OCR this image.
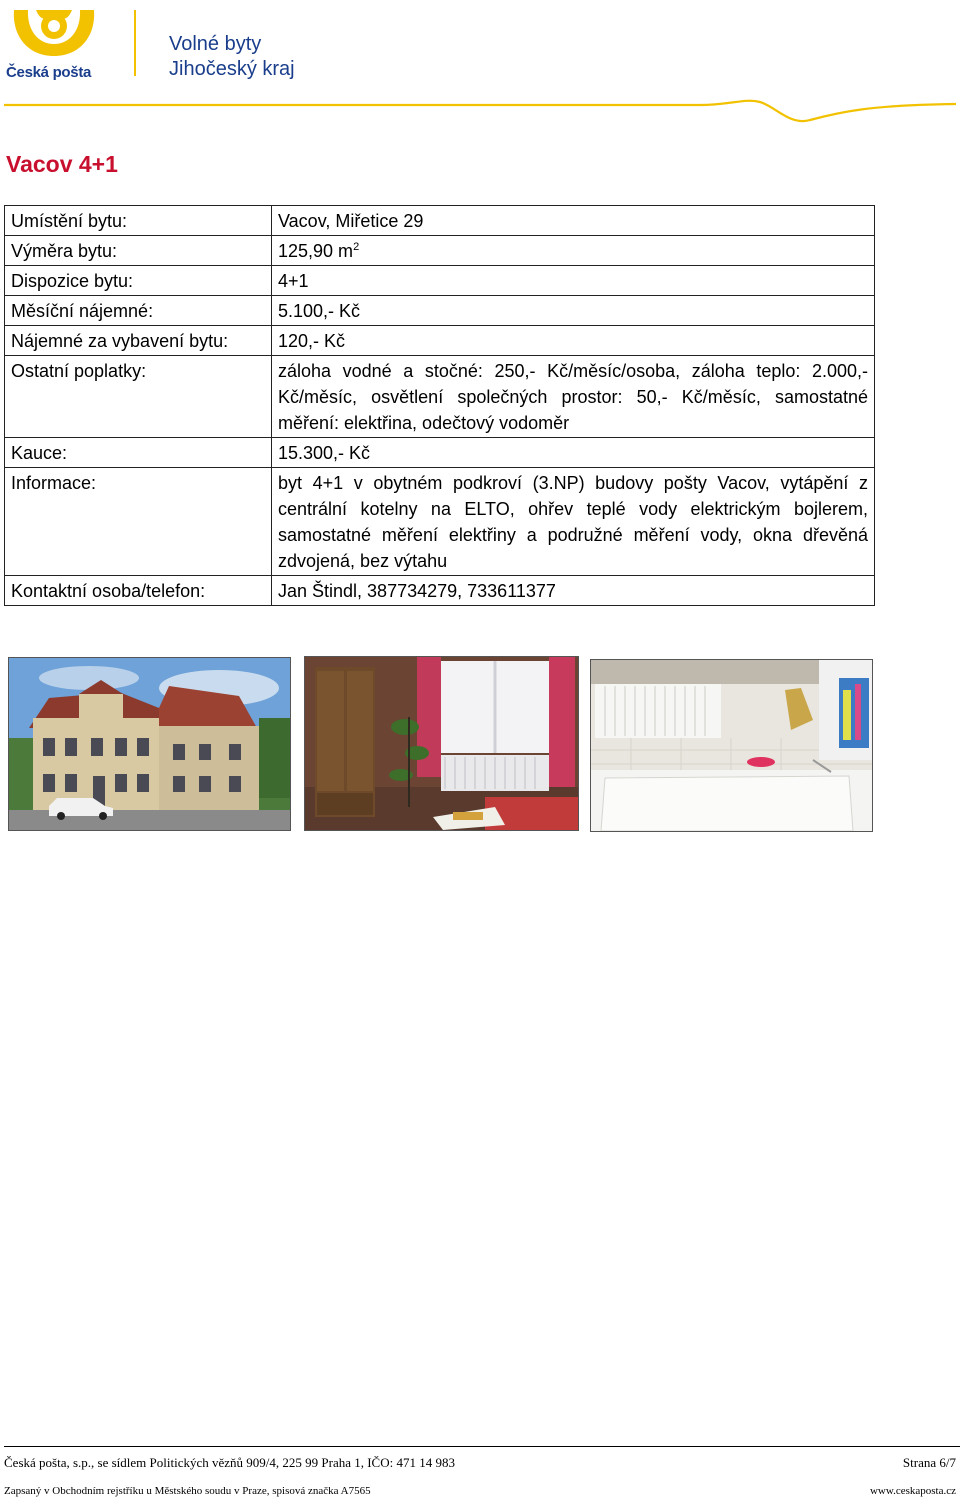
Česká pošta
Volné byty
Jihočeský kraj
Vacov 4+1
Umístění bytu:	Vacov, Miřetice 29
Výměra bytu:	125,90 $m^2$
Dispozice bytu:	4+1
Měsíční nájemné:	5.100,- Kč
Nájemné za vybavení bytu:	120,- Kč
Ostatní poplatky:	záloha vodné a stočné: 250,- Kč/měsíc/osoba, záloha teplo: 2.000,- Kč/měsíc, osvětlení společných prostor: 50,- Kč/měsíc, samostatné měření: elektřina, odečtový vodoměr
Kauce:	15.300,- Kč
Informace:	byt 4+1 v obytném podkroví (3.NP) budovy pošty Vacov, vytápění z centrální kotelny na ELTO, ohřev teplé vody elektrickým bojlerem, samostatné měření elektřiny a podružné měření vody, okna dřevěná zdvojená, bez výtahu
Kontaktní osoba/telefon:	Jan Štindl, 387734279, 733611377
Česká pošta, s.p., se sídlem Politických vězňů 909/4, 225 99 Praha 1, IČO: 471 14 983	Strana 6/7
Zapsaný v Obchodním rejstříku u Městského soudu v Praze, spisová značka A7565	www.ceskaposta.cz
